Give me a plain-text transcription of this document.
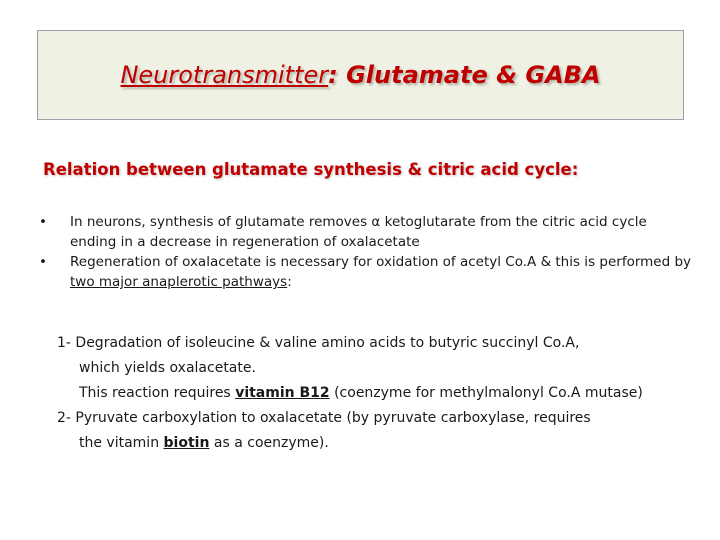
Neurotransmitter: Glutamate & GABA
Relation between glutamate synthesis & citric acid cycle:
• In neurons, synthesis of glutamate removes α ketoglutarate from the citric acid cycle ending in a decrease in regeneration of oxalacetate
• Regeneration of oxalacetate is necessary for oxidation of acetyl Co.A & this is performed by two major anaplerotic pathways:
1- Degradation of isoleucine & valine amino acids to butyric succinyl Co.A,
which yields oxalacetate.
This reaction requires vitamin B12 (coenzyme for methylmalonyl Co.A mutase)
2- Pyruvate carboxylation to oxalacetate (by pyruvate carboxylase, requires
the vitamin biotin as a coenzyme).
